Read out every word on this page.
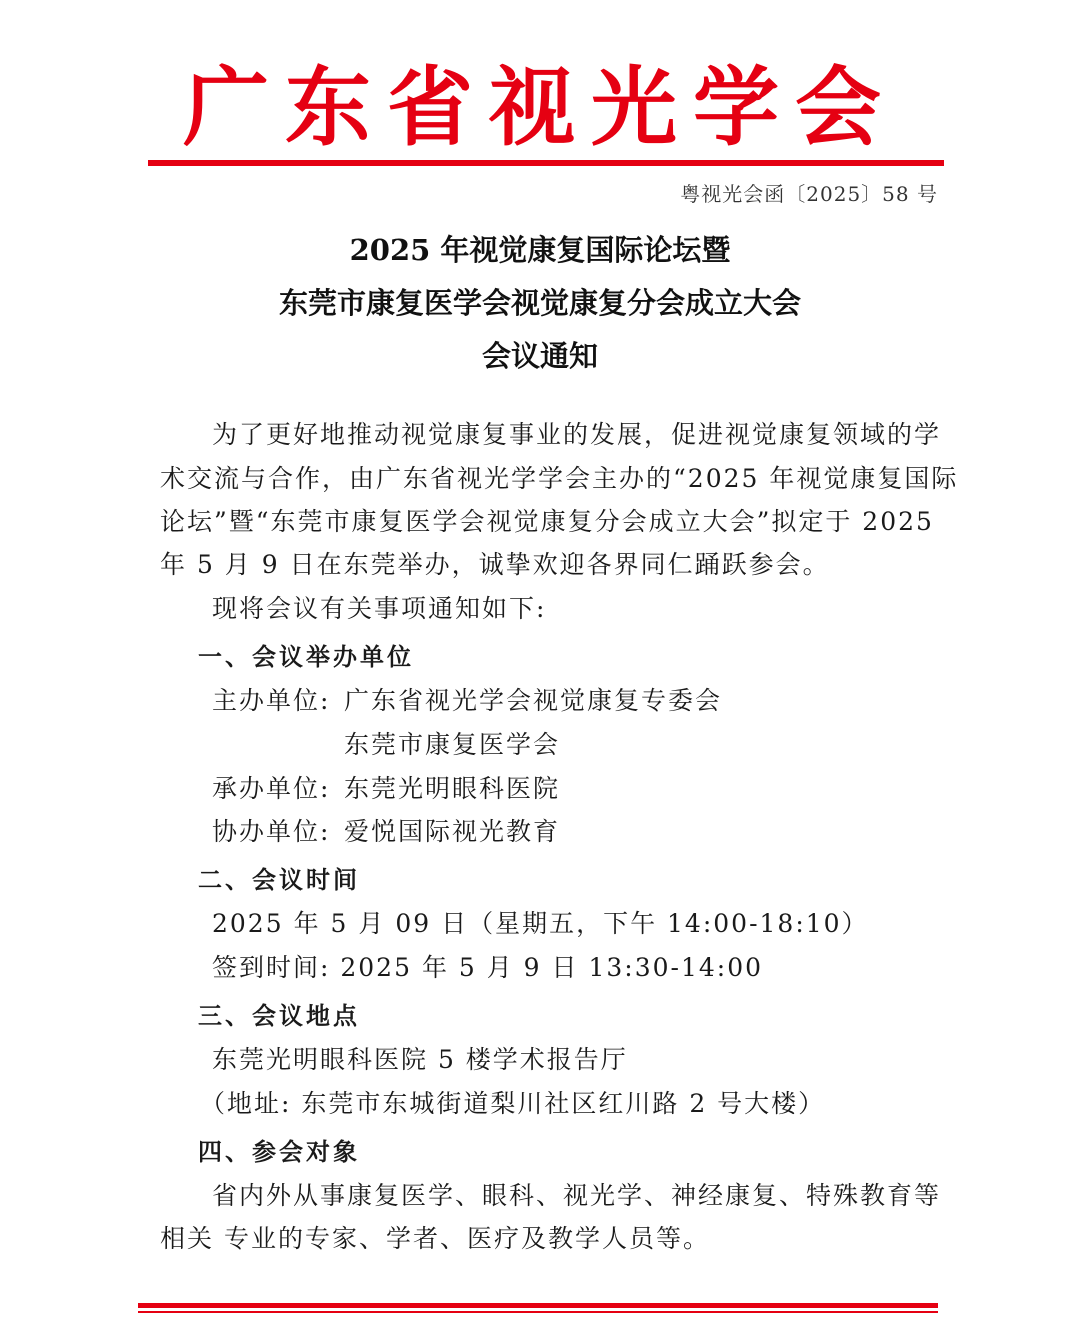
广东省视光学会
粤视光会函〔2025〕58 号
2025 年视觉康复国际论坛暨
东莞市康复医学会视觉康复分会成立大会
会议通知
为了更好地推动视觉康复事业的发展，促进视觉康复领域的学
术交流与合作，由广东省视光学学会主办的“2025 年视觉康复国际
论坛”暨“东莞市康复医学会视觉康复分会成立大会”拟定于 2025
年 5 月 9 日在东莞举办，诚挚欢迎各界同仁踊跃参会。
现将会议有关事项通知如下:
一、会议举办单位
主办单位: 广东省视光学会视觉康复专委会
东莞市康复医学会
承办单位: 东莞光明眼科医院
协办单位: 爱悦国际视光教育
二、会议时间
2025 年 5 月 09 日（星期五，下午 14:00-18:10）
签到时间: 2025 年 5 月 9 日 13:30-14:00
三、会议地点
东莞光明眼科医院 5 楼学术报告厅
（地址: 东莞市东城街道梨川社区红川路 2 号大楼）
四、参会对象
省内外从事康复医学、眼科、视光学、神经康复、特殊教育等
相关 专业的专家、学者、医疗及教学人员等。
